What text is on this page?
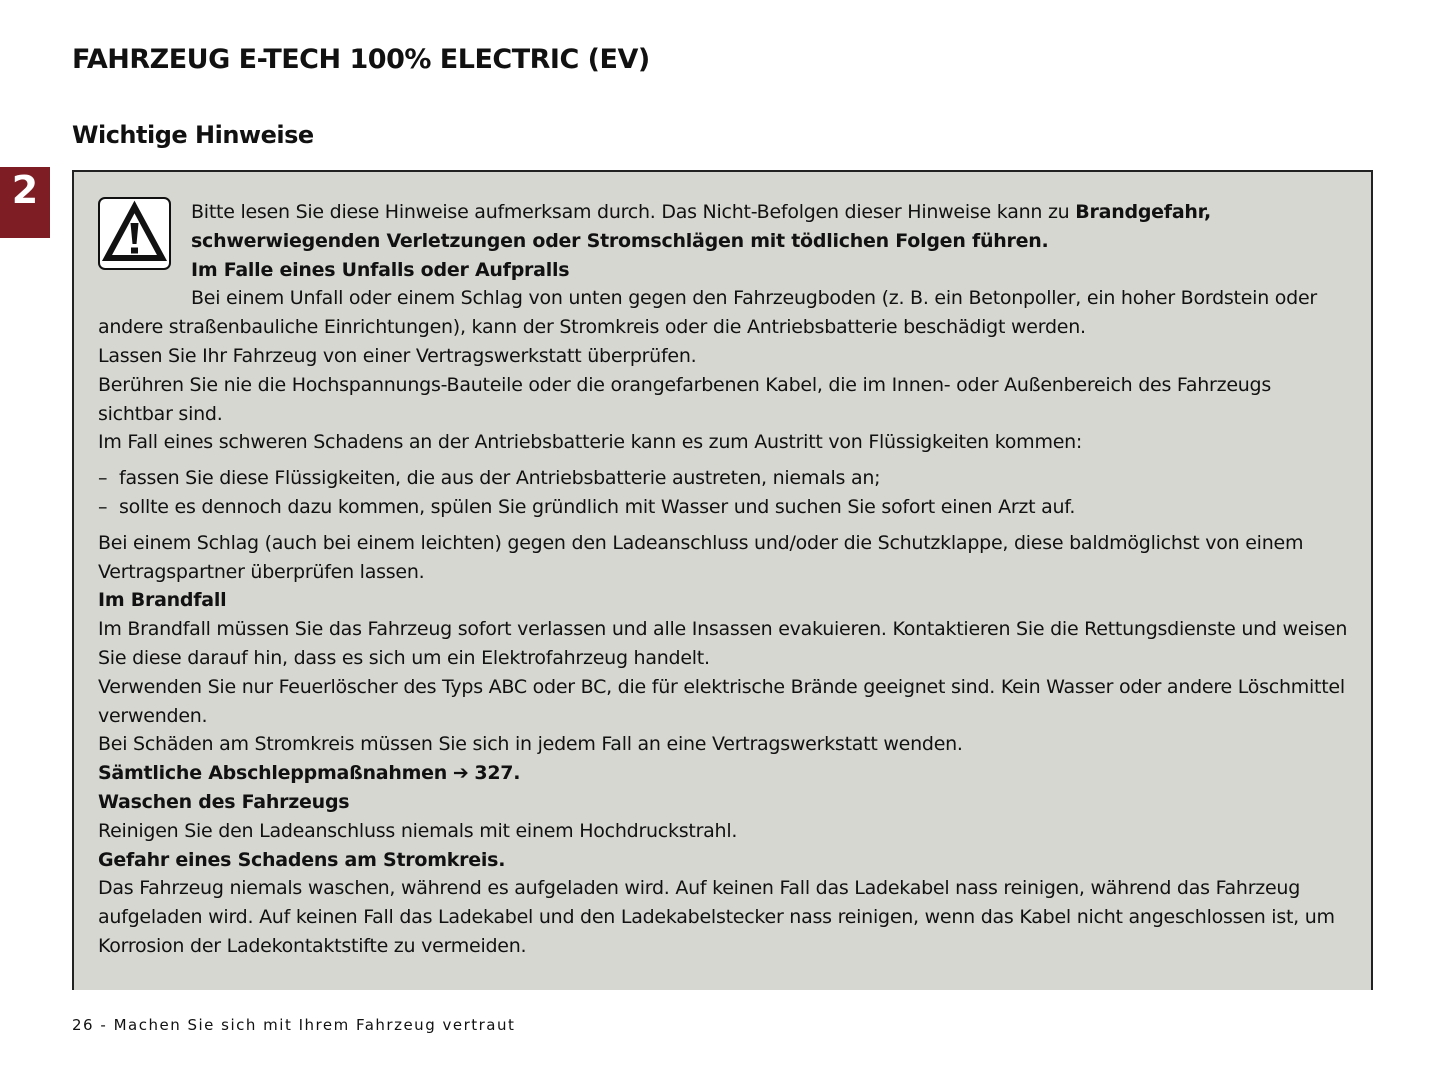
FAHRZEUG E-TECH 100% ELECTRIC (EV)
Wichtige Hinweise
2	Bitte lesen Sie diese Hinweise aufmerksam durch. Das Nicht-Befolgen dieser Hinweise kann zu Brandgefahr, schwerwiegenden Verletzungen oder Stromschlägen mit tödlichen Folgen führen.

Im Falle eines Unfalls oder Aufpralls

Bei einem Unfall oder einem Schlag von unten gegen den Fahrzeugboden (z. B. ein Betonpoller, ein hoher Bordstein oder andere straßenbauliche Einrichtungen), kann der Stromkreis oder die Antriebsbatterie beschädigt werden.

Lassen Sie Ihr Fahrzeug von einer Vertragswerkstatt überprüfen.

Berühren Sie nie die Hochspannungs-Bauteile oder die orangefarbenen Kabel, die im Innen- oder Außenbereich des Fahrzeugs sichtbar sind.

Im Fall eines schweren Schadens an der Antriebsbatterie kann es zum Austritt von Flüssigkeiten kommen:

– fassen Sie diese Flüssigkeiten, die aus der Antriebsbatterie austreten, niemals an;
– sollte es dennoch dazu kommen, spülen Sie gründlich mit Wasser und suchen Sie sofort einen Arzt auf.

Bei einem Schlag (auch bei einem leichten) gegen den Ladeanschluss und/oder die Schutzklappe, diese baldmöglichst von einem Vertragspartner überprüfen lassen.

Im Brandfall

Im Brandfall müssen Sie das Fahrzeug sofort verlassen und alle Insassen evakuieren. Kontaktieren Sie die Rettungsdienste und weisen Sie diese darauf hin, dass es sich um ein Elektrofahrzeug handelt.

Verwenden Sie nur Feuerlöscher des Typs ABC oder BC, die für elektrische Brände geeignet sind. Kein Wasser oder andere Löschmittel verwenden.

Bei Schäden am Stromkreis müssen Sie sich in jedem Fall an eine Vertragswerkstatt wenden.

Sämtliche Abschleppmaßnahmen ➔ 327.

Waschen des Fahrzeugs

Reinigen Sie den Ladeanschluss niemals mit einem Hochdruckstrahl.

Gefahr eines Schadens am Stromkreis.

Das Fahrzeug niemals waschen, während es aufgeladen wird. Auf keinen Fall das Ladekabel nass reinigen, während das Fahrzeug aufgeladen wird. Auf keinen Fall das Ladekabel und den Ladekabelstecker nass reinigen, wenn das Kabel nicht angeschlossen ist, um Korrosion der Ladekontaktstifte zu vermeiden.

26 - Machen Sie sich mit Ihrem Fahrzeug vertraut
